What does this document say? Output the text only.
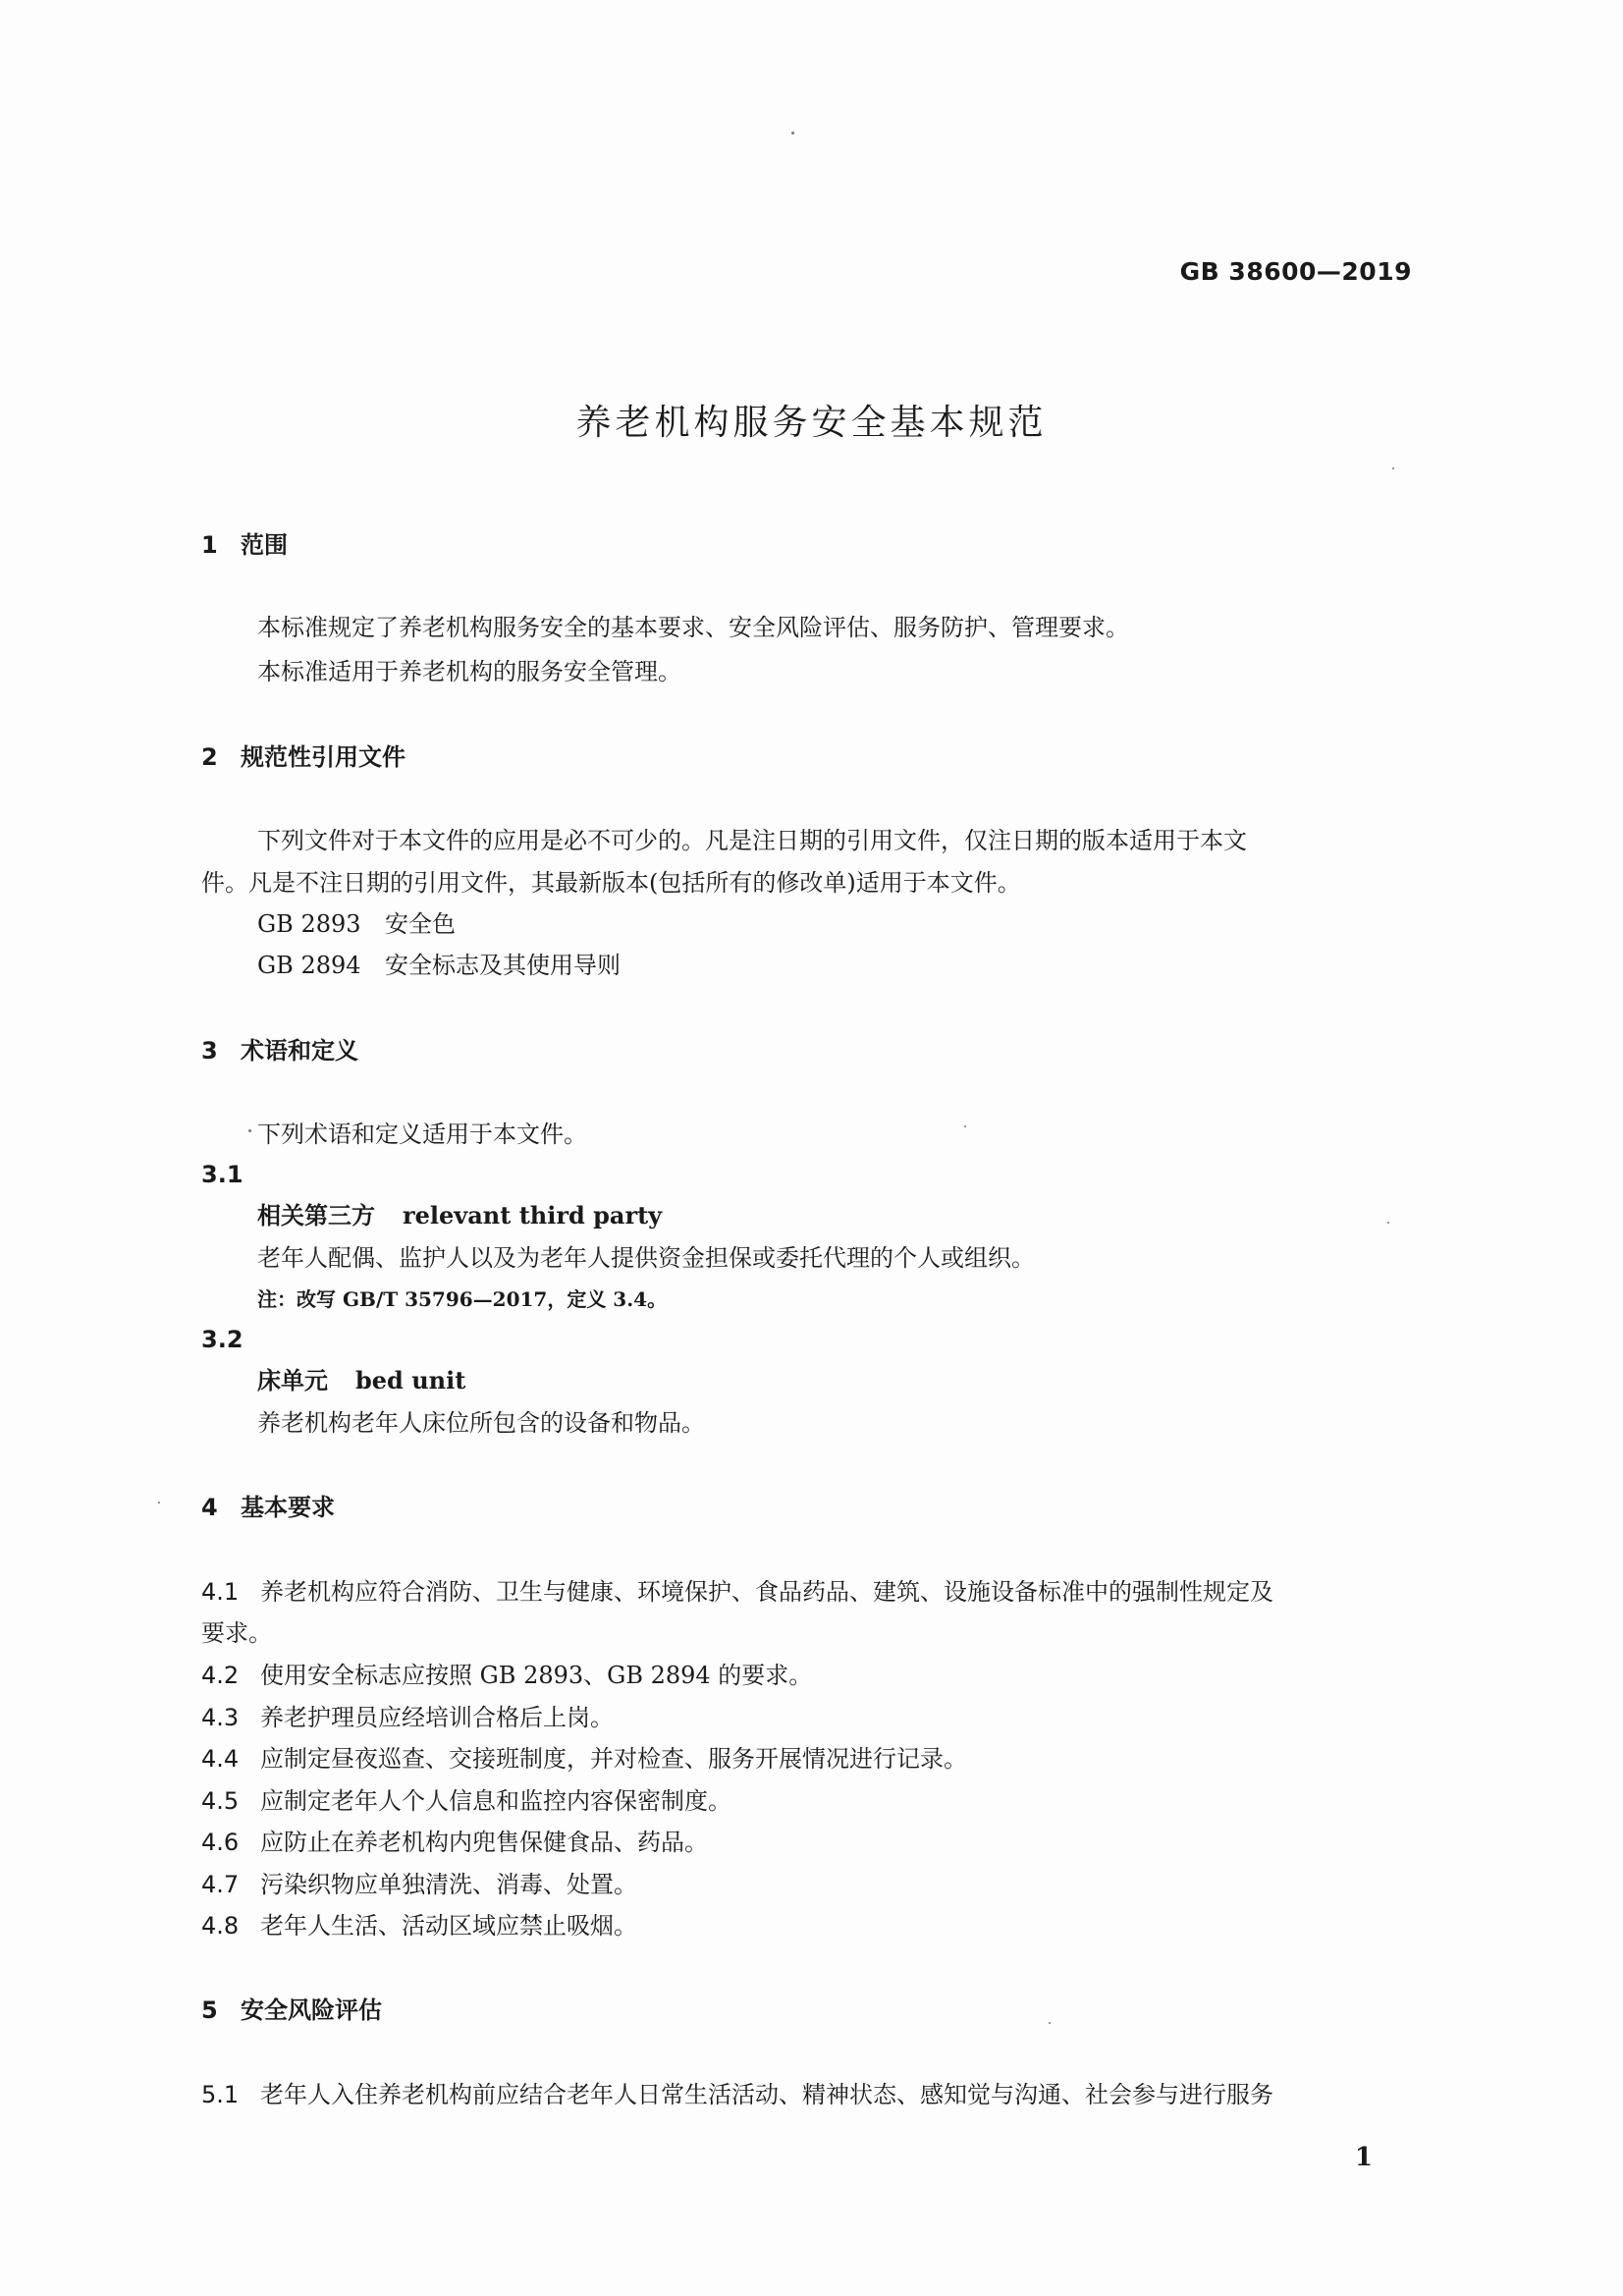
GB 38600—2019
养老机构服务安全基本规范
1 范围
本标准规定了养老机构服务安全的基本要求、安全风险评估、服务防护、管理要求。
本标准适用于养老机构的服务安全管理。
2 规范性引用文件
下列文件对于本文件的应用是必不可少的。凡是注日期的引用文件，仅注日期的版本适用于本文
件。凡是不注日期的引用文件，其最新版本(包括所有的修改单)适用于本文件。
GB 2893 安全色
GB 2894 安全标志及其使用导则
3 术语和定义
下列术语和定义适用于本文件。
3.1
相关第三方 relevant third party
老年人配偶、监护人以及为老年人提供资金担保或委托代理的个人或组织。
注：改写 GB/T 35796—2017，定义 3.4。
3.2
床单元 bed unit
养老机构老年人床位所包含的设备和物品。
4 基本要求
4.1 养老机构应符合消防、卫生与健康、环境保护、食品药品、建筑、设施设备标准中的强制性规定及
要求。
4.2 使用安全标志应按照 GB 2893、GB 2894 的要求。
4.3 养老护理员应经培训合格后上岗。
4.4 应制定昼夜巡查、交接班制度，并对检查、服务开展情况进行记录。
4.5 应制定老年人个人信息和监控内容保密制度。
4.6 应防止在养老机构内兜售保健食品、药品。
4.7 污染织物应单独清洗、消毒、处置。
4.8 老年人生活、活动区域应禁止吸烟。
5 安全风险评估
5.1 老年人入住养老机构前应结合老年人日常生活活动、精神状态、感知觉与沟通、社会参与进行服务
1
